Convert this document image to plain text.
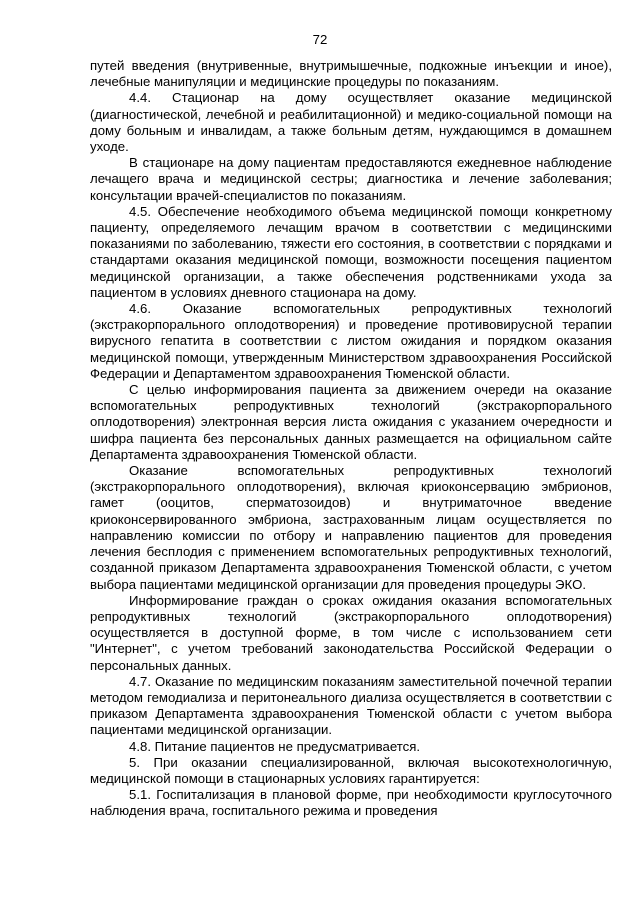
72

путей введения (внутривенные, внутримышечные, подкожные инъекции и иное), лечебные манипуляции и медицинские процедуры по показаниям.

4.4. Стационар на дому осуществляет оказание медицинской (диагностической, лечебной и реабилитационной) и медико-социальной помощи на дому больным и инвалидам, а также больным детям, нуждающимся в домашнем уходе.

В стационаре на дому пациентам предоставляются ежедневное наблюдение лечащего врача и медицинской сестры; диагностика и лечение заболевания; консультации врачей-специалистов по показаниям.

4.5. Обеспечение необходимого объема медицинской помощи конкретному пациенту, определяемого лечащим врачом в соответствии с медицинскими показаниями по заболеванию, тяжести его состояния, в соответствии с порядками и стандартами оказания медицинской помощи, возможности посещения пациентом медицинской организации, а также обеспечения родственниками ухода за пациентом в условиях дневного стационара на дому.

4.6. Оказание вспомогательных репродуктивных технологий (экстракорпорального оплодотворения) и проведение противовирусной терапии вирусного гепатита в соответствии с листом ожидания и порядком оказания медицинской помощи, утвержденным Министерством здравоохранения Российской Федерации и Департаментом здравоохранения Тюменской области.

С целью информирования пациента за движением очереди на оказание вспомогательных репродуктивных технологий (экстракорпорального оплодотворения) электронная версия листа ожидания с указанием очередности и шифра пациента без персональных данных размещается на официальном сайте Департамента здравоохранения Тюменской области.

Оказание вспомогательных репродуктивных технологий (экстракорпорального оплодотворения), включая криоконсервацию эмбрионов, гамет (ооцитов, сперматозоидов) и внутриматочное введение криоконсервированного эмбриона, застрахованным лицам осуществляется по направлению комиссии по отбору и направлению пациентов для проведения лечения бесплодия с применением вспомогательных репродуктивных технологий, созданной приказом Департамента здравоохранения Тюменской области, с учетом выбора пациентами медицинской организации для проведения процедуры ЭКО.

Информирование граждан о сроках ожидания оказания вспомогательных репродуктивных технологий (экстракорпорального оплодотворения) осуществляется в доступной форме, в том числе с использованием сети "Интернет", с учетом требований законодательства Российской Федерации о персональных данных.

4.7. Оказание по медицинским показаниям заместительной почечной терапии методом гемодиализа и перитонеального диализа осуществляется в соответствии с приказом Департамента здравоохранения Тюменской области с учетом выбора пациентами медицинской организации.

4.8. Питание пациентов не предусматривается.

5. При оказании специализированной, включая высокотехнологичную, медицинской помощи в стационарных условиях гарантируется:

5.1. Госпитализация в плановой форме, при необходимости круглосуточного наблюдения врача, госпитального режима и проведения
